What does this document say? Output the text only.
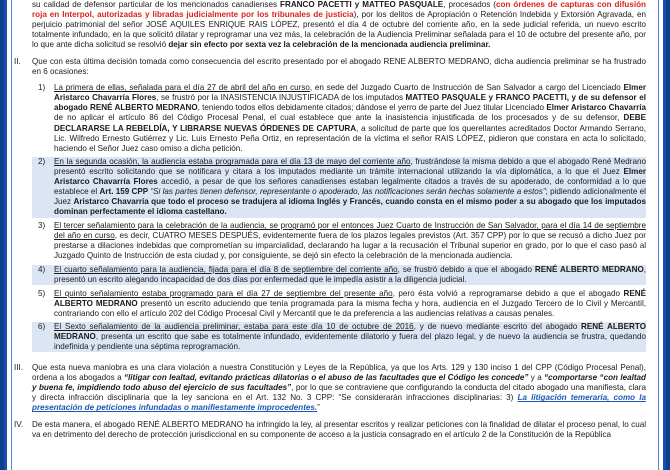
su calidad de defensor particular de los mencionados canadienses FRANCO PACETTI y MATTEO PASQUALE, procesados (con órdenes de capturas con difusión roja en Interpol, autorizadas y libradas judicialmente por los tribunales de justicia), por los delitos de Apropiación o Retención Indebida y Extorsión Agravada, en perjuicio patrimonial del señor JOSÉ AQUILES ENRIQUE RAIS LÓPEZ, presentó el día 4 de octubre del corriente año, en la sede judicial referida, un nuevo escrito totalmente infundado, en la que solicitó dilatar y reprogramar una vez más, la celebración de la Audiencia Preliminar señalada para el 10 de octubre del presente año, por lo que ante dicha solicitud se resolvió dejar sin efecto por sexta vez la celebración de la mencionada audiencia preliminar.

II.	Que con esta última decisión tomada como consecuencia del escrito presentado por el abogado RENE ALBERTO MEDRANO, dicha audiencia preliminar se ha frustrado en 6 ocasiones:

1) La primera de ellas, señalada para el día 27 de abril del año en curso, en sede del Juzgado Cuarto de Instrucción de San Salvador a cargo del Licenciado Elmer Aristarco Chavarría Flores, se frustró por la INASISTENCIA INJUSTIFICADA de los imputados MATTEO PASQUALE y FRANCO PACETTI, y de su defensor el abogado RENÉ ALBERTO MEDRANO, teniendo todos ellos debidamente citados; dándose el yerro de parte del Juez titular Licenciado Elmer Aristarco Chavarría de no aplicar el artículo 86 del Código Procesal Penal, el cual establece que ante la inasistencia injustificada de los procesados y de su defensor, DEBE DECLARARSE LA REBELDÍA, Y LIBRARSE NUEVAS ÓRDENES DE CAPTURA, a solicitud de parte que los querellantes acreditados Doctor Armando Serrano, Lic. Wilfredo Ernesto Gutiérrez y Lic. Luis Ernesto Peña Ortiz, en representación de la víctima el señor RAIS LÓPEZ, pidieron que constara en acta lo solicitado, haciendo el Señor Juez caso omiso a dicha petición.

2) En la segunda ocasión, la audiencia estaba programada para el día 13 de mayo del corriente año, frustrándose la misma debido a que el abogado René Medrano presentó escrito solicitando que se notificara y citara a los imputados mediante un trámite internacional utilizando la vía diplomática, a lo que el Juez Elmer Aristarco Chavarría Flores accedió, a pesar de que los señores canadienses estaban legalmente citados a través de su apoderado, de conformidad a lo que establece el Art. 159 CPP “Si las partes tienen defensor, representante o apoderado, las notificaciones serán hechas solamente a estos”; pidiendo adicionalmente el Juez Aristarco Chavarría que todo el proceso se tradujera al idioma Inglés y Francés, cuando consta en el mismo poder a su abogado que los imputados dominan perfectamente el idioma castellano.

3) El tercer señalamiento para la celebración de la audiencia, se programó por el entonces Juez Cuarto de Instrucción de San Salvador, para el día 14 de septiembre del año en curso, es decir, CUATRO MESES DESPUÉS, evidentemente fuera de los plazos legales previstos (Art. 357 CPP) por lo que se recusó a dicho Juez por prestarse a dilaciones indebidas que comprometían su imparcialidad, declarando ha lugar a la recusación el Tribunal superior en grado, por lo que el caso pasó al Juzgado Quinto de Instrucción de esta ciudad y, por consiguiente, se dejó sin efecto la celebración de la mencionada audiencia.

4) El cuarto señalamiento para la audiencia, fijada para el día 8 de septiembre del corriente año, se frustró debido a que el abogado RENÉ ALBERTO MEDRANO, presentó un escrito alegando incapacidad de dos días por enfermedad que le impedía asistir a la diligencia judicial.

5) El quinto señalamiento estaba programado para el día 27 de septiembre del presente año, pero ésta volvió a reprogramarse debido a que el abogado RENÉ ALBERTO MEDRANO presentó un escrito aduciendo que tenía programada para la misma fecha y hora, audiencia en el Juzgado Tercero de lo Civil y Mercantil, contrariando con ello el artículo 202 del Código Procesal Civil y Mercantil que le da preferencia a las audiencias relativas a causas penales.

6) El Sexto señalamiento de la audiencia preliminar, estaba para este día 10 de octubre de 2016, y de nuevo mediante escrito del abogado RENÉ ALBERTO MEDRANO, presenta un escrito que sabe es totalmente infundado, evidentemente dilatorio y fuera del plazo legal, y de nuevo la audiencia se frustra, quedando indefinida y pendiente una séptima reprogramación.

III.	Que esta nueva maniobra es una clara violación a nuestra Constitución y Leyes de la República, ya que los Arts. 129 y 130 inciso 1 del CPP (Código Procesal Penal), ordena a los abogados a “litigar con lealtad, evitando prácticas dilatorias o el abuso de las facultades que el Código les concede” y a “comportarse “con lealtad y buena fe, impidiendo todo abuso del ejercicio de sus facultades”, por lo que se contraviene que configurando la conducta del citado abogado una manifiesta, clara y directa infracción disciplinaria que la ley sanciona en el Art. 132 No. 3 CPP: “Se considerarán infracciones disciplinarias: 3) La litigación temeraria, como la presentación de peticiones infundadas o manifiestamente improcedentes.”

IV.	De esta manera, el abogado RENÉ ALBERTO MEDRANO ha infringido la ley, al presentar escritos y realizar peticiones con la finalidad de dilatar el proceso penal, lo cual va en detrimento del derecho de protección jurisdiccional en su componente de acceso a la justicia consagrado en el artículo 2 de la Constitución de la República
